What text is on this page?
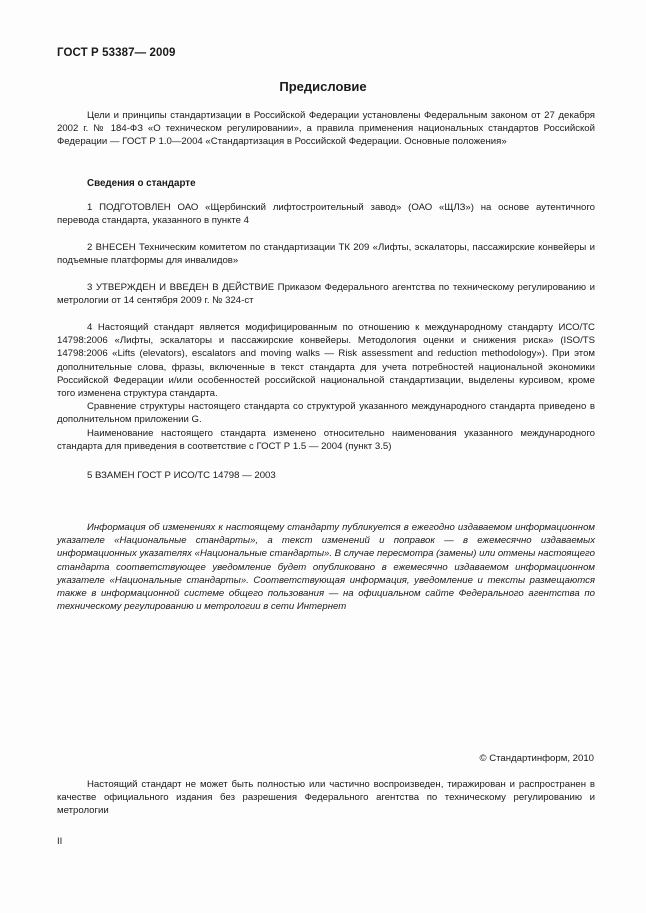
ГОСТ Р 53387— 2009
Предисловие

Цели и принципы стандартизации в Российской Федерации установлены Федеральным законом от 27 декабря 2002 г. № 184-ФЗ «О техническом регулировании», а правила применения национальных стандартов Российской Федерации — ГОСТ Р 1.0—2004 «Стандартизация в Российской Федерации. Основные положения»

Сведения о стандарте

1 ПОДГОТОВЛЕН ОАО «Щербинский лифтостроительный завод» (ОАО «ЩЛЗ») на основе аутентичного перевода стандарта, указанного в пункте 4

2 ВНЕСЕН Техническим комитетом по стандартизации ТК 209 «Лифты, эскалаторы, пассажирские конвейеры и подъемные платформы для инвалидов»

3 УТВЕРЖДЕН И ВВЕДЕН В ДЕЙСТВИЕ Приказом Федерального агентства по техническому регулированию и метрологии от 14 сентября 2009 г. № 324-ст

4 Настоящий стандарт является модифицированным по отношению к международному стандарту ИСО/ТС 14798:2006 «Лифты, эскалаторы и пассажирские конвейеры. Методология оценки и снижения риска» (ISO/TS 14798:2006 «Lifts (elevators), escalators and moving walks — Risk assessment and reduction methodology»). При этом дополнительные слова, фразы, включенные в текст стандарта для учета потребностей национальной экономики Российской Федерации и/или особенностей российской национальной стандартизации, выделены курсивом, кроме того изменена структура стандарта.

Сравнение структуры настоящего стандарта со структурой указанного международного стандарта приведено в дополнительном приложении G.

Наименование настоящего стандарта изменено относительно наименования указанного международного стандарта для приведения в соответствие с ГОСТ Р 1.5 — 2004 (пункт 3.5)

5 ВЗАМЕН ГОСТ Р ИСО/ТС 14798 — 2003

Информация об изменениях к настоящему стандарту публикуется в ежегодно издаваемом информационном указателе «Национальные стандарты», а текст изменений и поправок — в ежемесячно издаваемых информационных указателях «Национальные стандарты». В случае пересмотра (замены) или отмены настоящего стандарта соответствующее уведомление будет опубликовано в ежемесячно издаваемом информационном указателе «Национальные стандарты». Соответствующая информация, уведомление и тексты размещаются также в информационной системе общего пользования — на официальном сайте Федерального агентства по техническому регулированию и метрологии в сети Интернет

© Стандартинформ, 2010

Настоящий стандарт не может быть полностью или частично воспроизведен, тиражирован и распространен в качестве официального издания без разрешения Федерального агентства по техническому регулированию и метрологии

II
